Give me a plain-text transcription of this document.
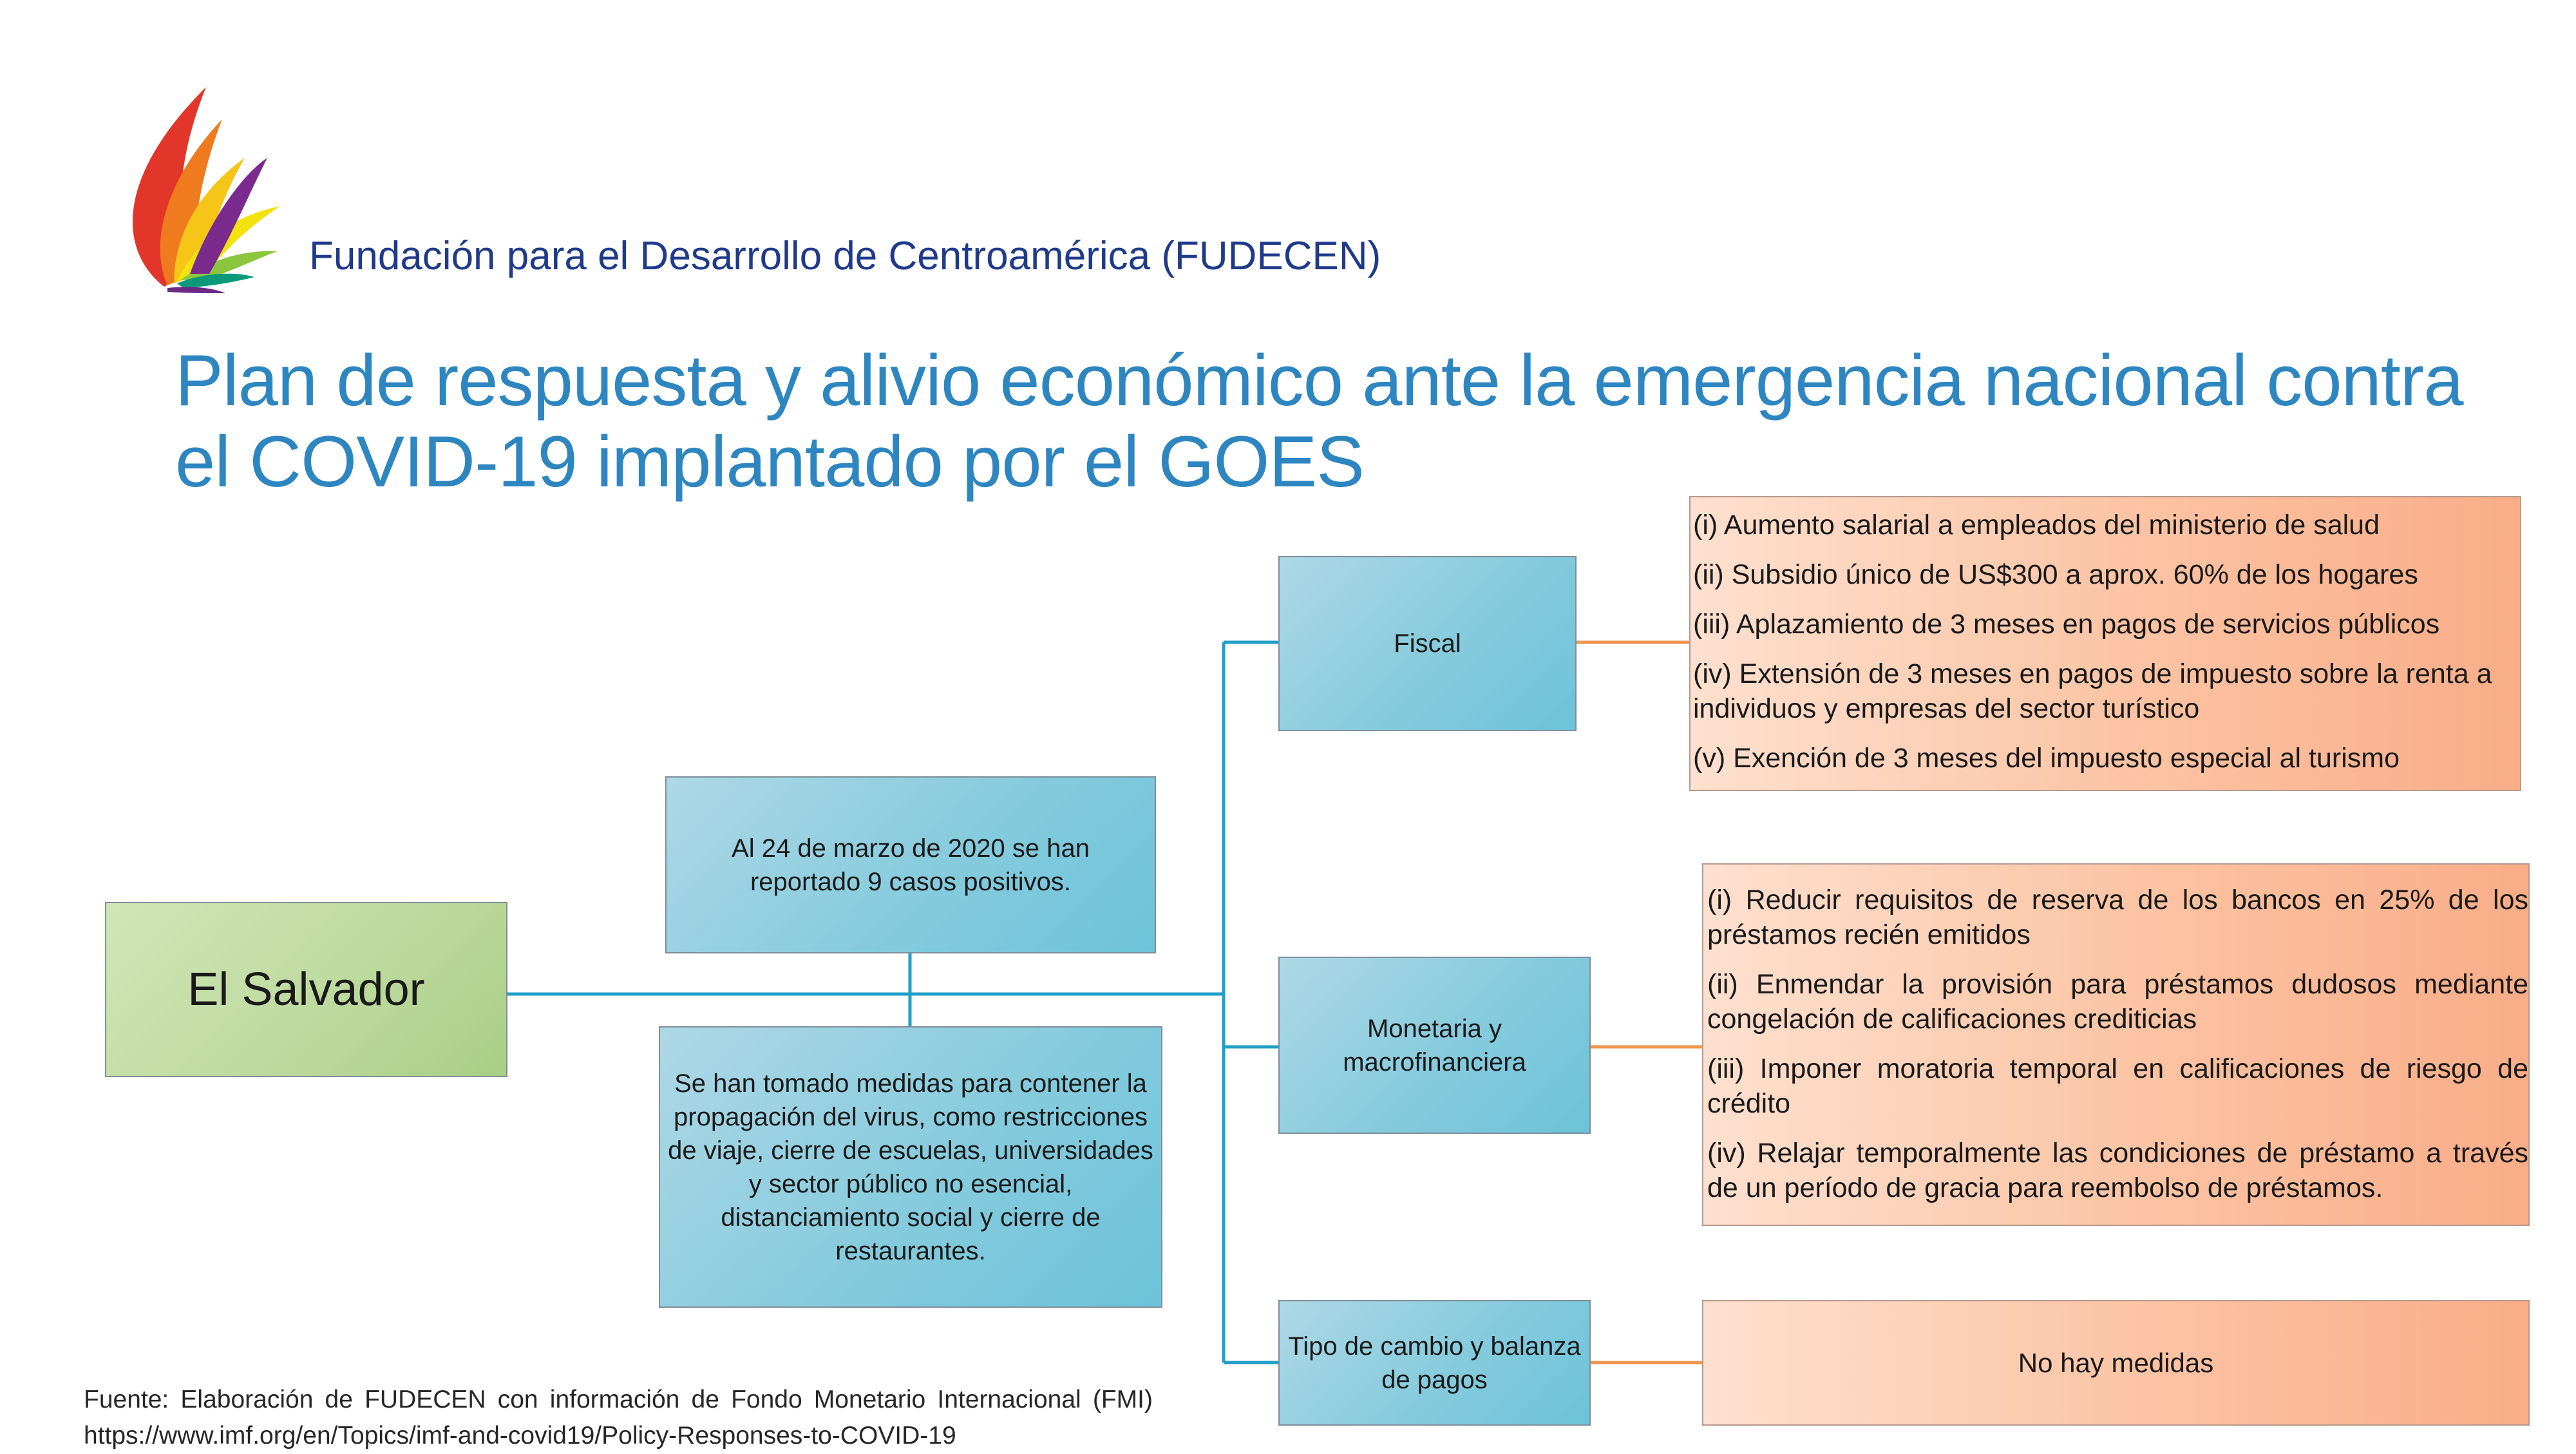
Fundación para el Desarrollo de Centroamérica (FUDECEN)
Plan de respuesta y alivio económico ante la emergencia nacional contra el COVID-19 implantado por el GOES
El Salvador
Al 24 de marzo de 2020 se han reportado 9 casos positivos.
Se han tomado medidas para contener la propagación del virus, como restricciones de viaje, cierre de escuelas, universidades y sector público no esencial, distanciamiento social y cierre de restaurantes.
Fiscal
Monetaria y macrofinanciera
Tipo de cambio y balanza de pagos

(i) Aumento salarial a empleados del ministerio de salud

(ii) Subsidio único de US$300 a aprox. 60% de los hogares

(iii) Aplazamiento de 3 meses en pagos de servicios públicos

(iv) Extensión de 3 meses en pagos de impuesto sobre la renta a individuos y empresas del sector turístico

(v) Exención de 3 meses del impuesto especial al turismo

(i) Reducir requisitos de reserva de los bancos en 25% de los préstamos recién emitidos

(ii) Enmendar la provisión para préstamos dudosos mediante congelación de calificaciones crediticias

(iii) Imponer moratoria temporal en calificaciones de riesgo de crédito

(iv) Relajar temporalmente las condiciones de préstamo a través de un período de gracia para reembolso de préstamos.

No hay medidas
Fuente: Elaboración de FUDECEN con información de Fondo Monetario Internacional (FMI) https://www.imf.org/en/Topics/imf-and-covid19/Policy-Responses-to-COVID-19
